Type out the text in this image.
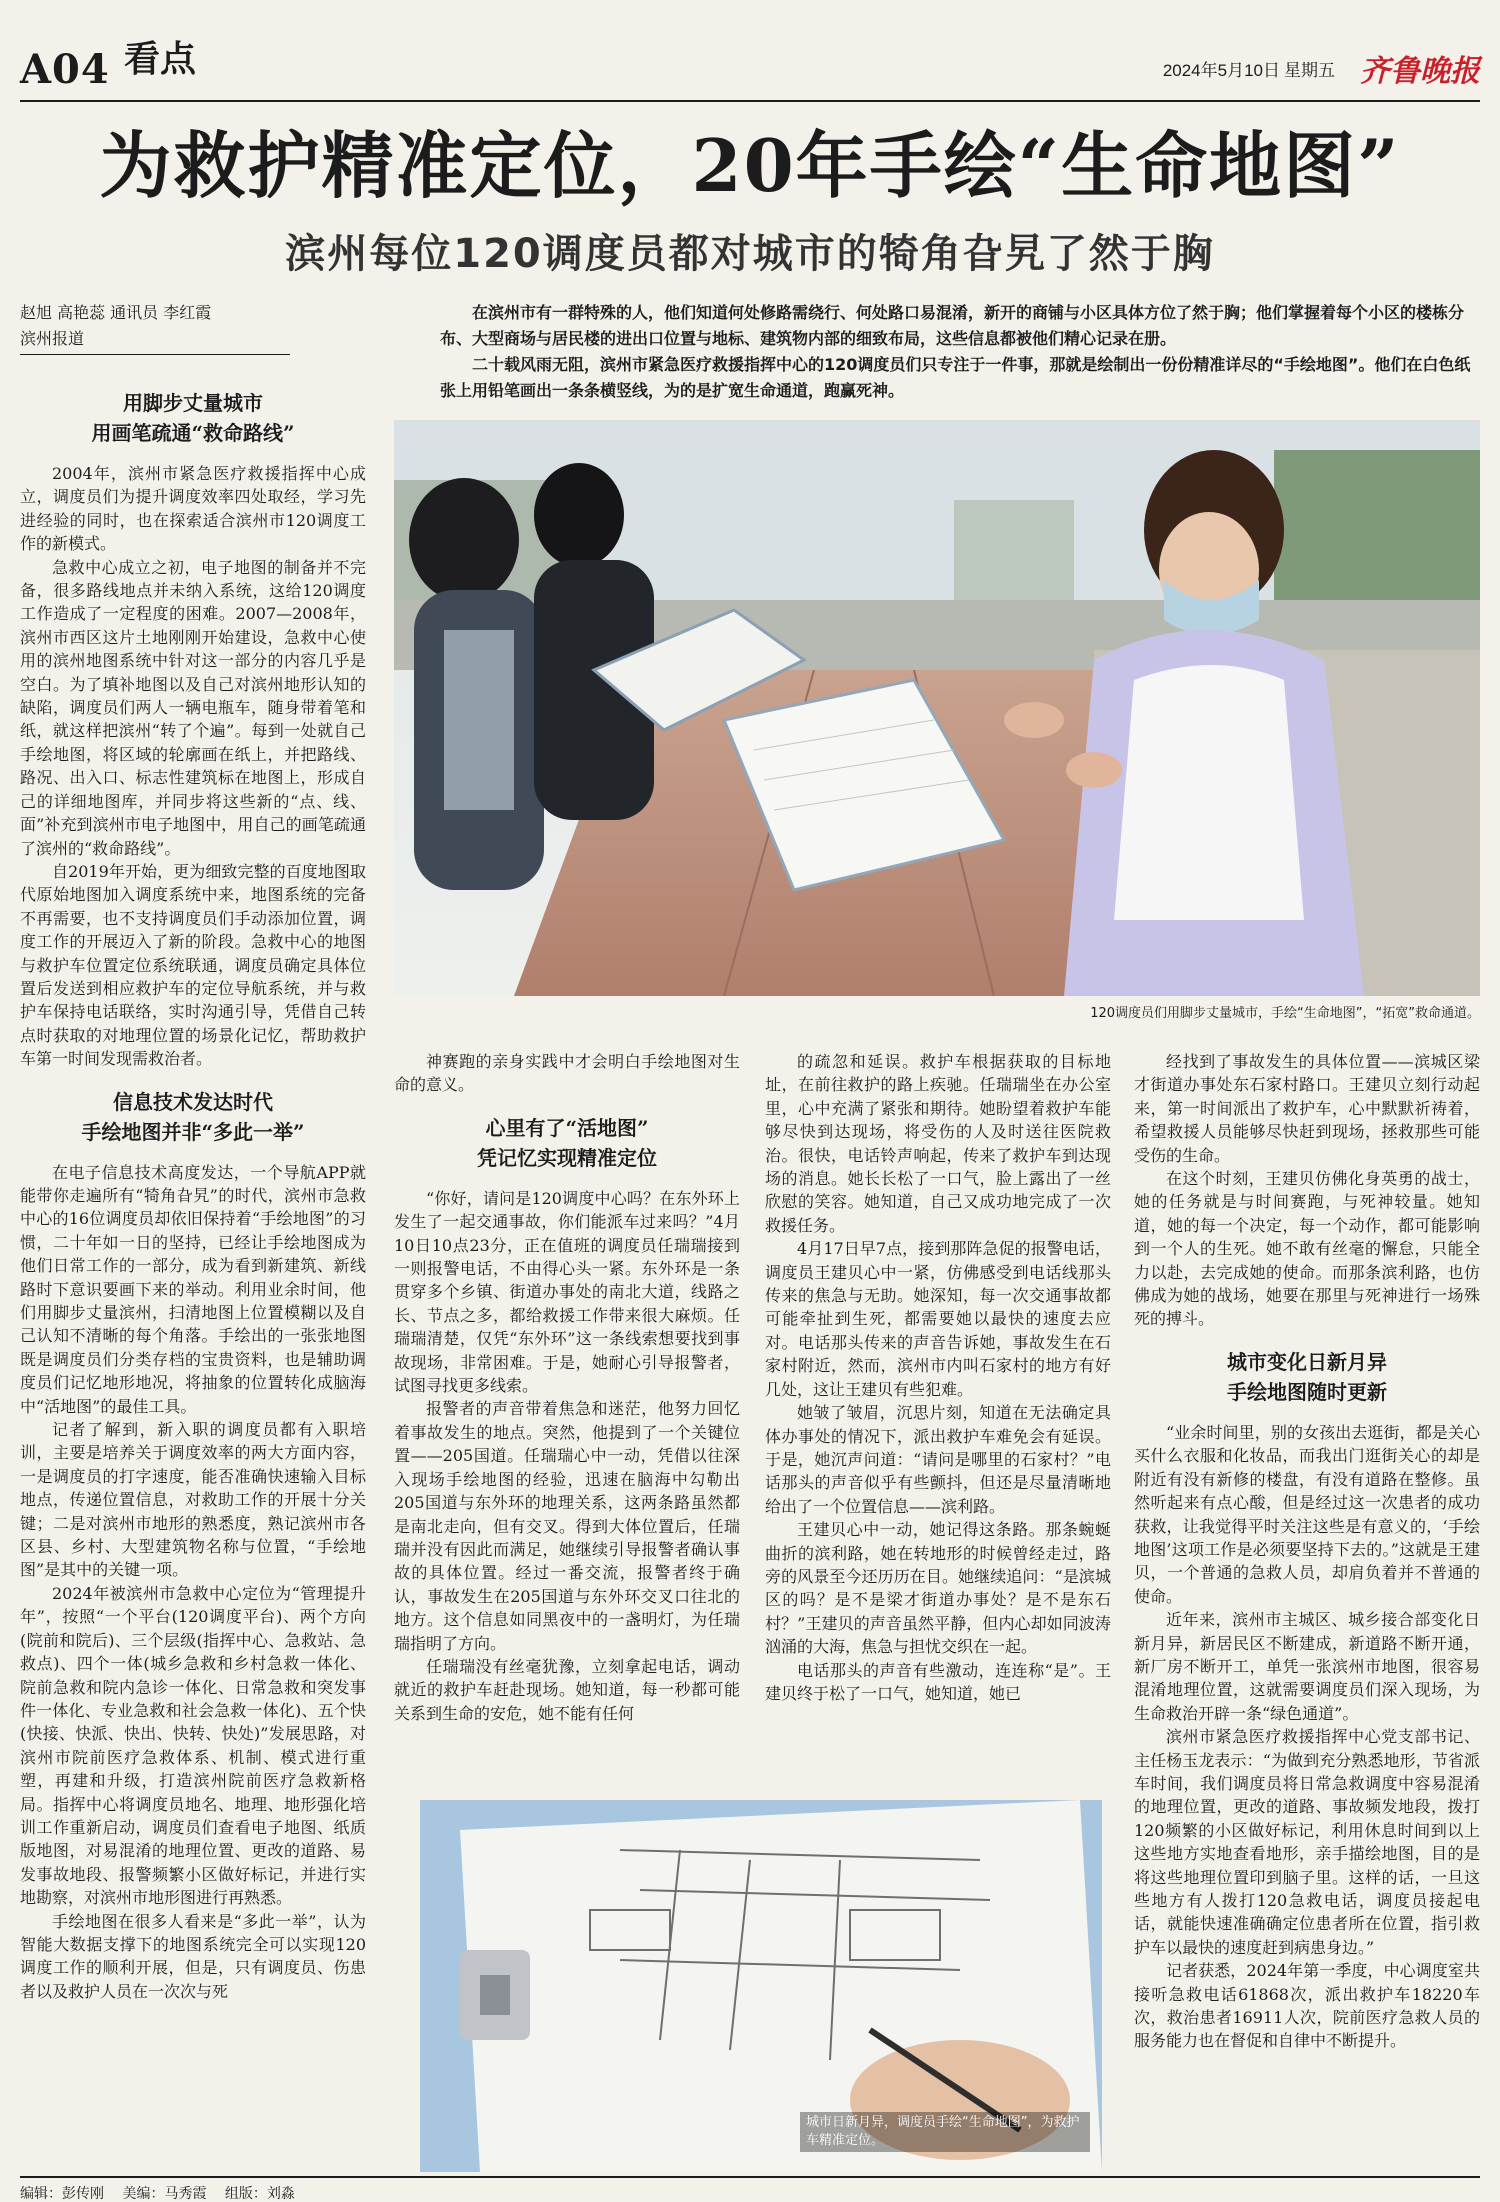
A04 看点	2024年5月10日 星期五 齐鲁晚报
为救护精准定位，20年手绘“生命地图”
滨州每位120调度员都对城市的犄角旮旯了然于胸
赵旭 高艳蕊 通讯员 李红霞
滨州报道

在滨州市有一群特殊的人，他们知道何处修路需绕行、何处路口易混淆，新开的商铺与小区具体方位了然于胸；他们掌握着每个小区的楼栋分布、大型商场与居民楼的进出口位置与地标、建筑物内部的细致布局，这些信息都被他们精心记录在册。

二十载风雨无阻，滨州市紧急医疗救援指挥中心的120调度员们只专注于一件事，那就是绘制出一份份精准详尽的“手绘地图”。他们在白色纸张上用铅笔画出一条条横竖线，为的是扩宽生命通道，跑赢死神。

120调度员们用脚步丈量城市，手绘“生命地图”，“拓宽”救命通道。
用脚步丈量城市
用画笔疏通“救命路线”

2004年，滨州市紧急医疗救援指挥中心成立，调度员们为提升调度效率四处取经，学习先进经验的同时，也在探索适合滨州市120调度工作的新模式。

急救中心成立之初，电子地图的制备并不完备，很多路线地点并未纳入系统，这给120调度工作造成了一定程度的困难。2007—2008年，滨州市西区这片土地刚刚开始建设，急救中心使用的滨州地图系统中针对这一部分的内容几乎是空白。为了填补地图以及自己对滨州地形认知的缺陷，调度员们两人一辆电瓶车，随身带着笔和纸，就这样把滨州“转了个遍”。每到一处就自己手绘地图，将区域的轮廓画在纸上，并把路线、路况、出入口、标志性建筑标在地图上，形成自己的详细地图库，并同步将这些新的“点、线、面”补充到滨州市电子地图中，用自己的画笔疏通了滨州的“救命路线”。

自2019年开始，更为细致完整的百度地图取代原始地图加入调度系统中来，地图系统的完备不再需要，也不支持调度员们手动添加位置，调度工作的开展迈入了新的阶段。急救中心的地图与救护车位置定位系统联通，调度员确定具体位置后发送到相应救护车的定位导航系统，并与救护车保持电话联络，实时沟通引导，凭借自己转点时获取的对地理位置的场景化记忆，帮助救护车第一时间发现需救治者。

信息技术发达时代
手绘地图并非“多此一举”

在电子信息技术高度发达，一个导航APP就能带你走遍所有“犄角旮旯”的时代，滨州市急救中心的16位调度员却依旧保持着“手绘地图”的习惯，二十年如一日的坚持，已经让手绘地图成为他们日常工作的一部分，成为看到新建筑、新线路时下意识要画下来的举动。利用业余时间，他们用脚步丈量滨州，扫清地图上位置模糊以及自己认知不清晰的每个角落。手绘出的一张张地图既是调度员们分类存档的宝贵资料，也是辅助调度员们记忆地形地况，将抽象的位置转化成脑海中“活地图”的最佳工具。

记者了解到，新入职的调度员都有入职培训，主要是培养关于调度效率的两大方面内容，一是调度员的打字速度，能否准确快速输入目标地点，传递位置信息，对救助工作的开展十分关键；二是对滨州市地形的熟悉度，熟记滨州市各区县、乡村、大型建筑物名称与位置，“手绘地图”是其中的关键一项。

2024年被滨州市急救中心定位为“管理提升年”，按照“一个平台(120调度平台)、两个方向(院前和院后)、三个层级(指挥中心、急救站、急救点)、四个一体(城乡急救和乡村急救一体化、院前急救和院内急诊一体化、日常急救和突发事件一体化、专业急救和社会急救一体化)、五个快(快接、快派、快出、快转、快处)”发展思路，对滨州市院前医疗急救体系、机制、模式进行重塑，再建和升级，打造滨州院前医疗急救新格局。指挥中心将调度员地名、地理、地形强化培训工作重新启动，调度员们查看电子地图、纸质版地图，对易混淆的地理位置、更改的道路、易发事故地段、报警频繁小区做好标记，并进行实地勘察，对滨州市地形图进行再熟悉。

手绘地图在很多人看来是“多此一举”，认为智能大数据支撑下的地图系统完全可以实现120调度工作的顺利开展，但是，只有调度员、伤患者以及救护人员在一次次与死

神赛跑的亲身实践中才会明白手绘地图对生命的意义。

心里有了“活地图”
凭记忆实现精准定位

“你好，请问是120调度中心吗？在东外环上发生了一起交通事故，你们能派车过来吗？”4月10日10点23分，正在值班的调度员任瑞瑞接到一则报警电话，不由得心头一紧。东外环是一条贯穿多个乡镇、街道办事处的南北大道，线路之长、节点之多，都给救援工作带来很大麻烦。任瑞瑞清楚，仅凭“东外环”这一条线索想要找到事故现场，非常困难。于是，她耐心引导报警者，试图寻找更多线索。

报警者的声音带着焦急和迷茫，他努力回忆着事故发生的地点。突然，他提到了一个关键位置——205国道。任瑞瑞心中一动，凭借以往深入现场手绘地图的经验，迅速在脑海中勾勒出205国道与东外环的地理关系，这两条路虽然都是南北走向，但有交叉。得到大体位置后，任瑞瑞并没有因此而满足，她继续引导报警者确认事故的具体位置。经过一番交流，报警者终于确认，事故发生在205国道与东外环交叉口往北的地方。这个信息如同黑夜中的一盏明灯，为任瑞瑞指明了方向。

任瑞瑞没有丝毫犹豫，立刻拿起电话，调动就近的救护车赶赴现场。她知道，每一秒都可能关系到生命的安危，她不能有任何

的疏忽和延误。救护车根据获取的目标地址，在前往救护的路上疾驰。任瑞瑞坐在办公室里，心中充满了紧张和期待。她盼望着救护车能够尽快到达现场，将受伤的人及时送往医院救治。很快，电话铃声响起，传来了救护车到达现场的消息。她长长松了一口气，脸上露出了一丝欣慰的笑容。她知道，自己又成功地完成了一次救援任务。

4月17日早7点，接到那阵急促的报警电话，调度员王建贝心中一紧，仿佛感受到电话线那头传来的焦急与无助。她深知，每一次交通事故都可能牵扯到生死，都需要她以最快的速度去应对。电话那头传来的声音告诉她，事故发生在石家村附近，然而，滨州市内叫石家村的地方有好几处，这让王建贝有些犯难。

她皱了皱眉，沉思片刻，知道在无法确定具体办事处的情况下，派出救护车难免会有延误。于是，她沉声问道：“请问是哪里的石家村？”电话那头的声音似乎有些颤抖，但还是尽量清晰地给出了一个位置信息——滨利路。

王建贝心中一动，她记得这条路。那条蜿蜒曲折的滨利路，她在转地形的时候曾经走过，路旁的风景至今还历历在目。她继续追问：“是滨城区的吗？是不是梁才街道办事处？是不是东石村？”王建贝的声音虽然平静，但内心却如同波涛汹涌的大海，焦急与担忧交织在一起。

电话那头的声音有些激动，连连称“是”。王建贝终于松了一口气，她知道，她已

经找到了事故发生的具体位置——滨城区梁才街道办事处东石家村路口。王建贝立刻行动起来，第一时间派出了救护车，心中默默祈祷着，希望救援人员能够尽快赶到现场，拯救那些可能受伤的生命。

在这个时刻，王建贝仿佛化身英勇的战士，她的任务就是与时间赛跑，与死神较量。她知道，她的每一个决定，每一个动作，都可能影响到一个人的生死。她不敢有丝毫的懈怠，只能全力以赴，去完成她的使命。而那条滨利路，也仿佛成为她的战场，她要在那里与死神进行一场殊死的搏斗。

城市变化日新月异
手绘地图随时更新

“业余时间里，别的女孩出去逛街，都是关心买什么衣服和化妆品，而我出门逛街关心的却是附近有没有新修的楼盘，有没有道路在整修。虽然听起来有点心酸，但是经过这一次患者的成功获救，让我觉得平时关注这些是有意义的，‘手绘地图’这项工作是必须要坚持下去的。”这就是王建贝，一个普通的急救人员，却肩负着并不普通的使命。

近年来，滨州市主城区、城乡接合部变化日新月异，新居民区不断建成，新道路不断开通，新厂房不断开工，单凭一张滨州市地图，很容易混淆地理位置，这就需要调度员们深入现场，为生命救治开辟一条“绿色通道”。

滨州市紧急医疗救援指挥中心党支部书记、主任杨玉龙表示：“为做到充分熟悉地形，节省派车时间，我们调度员将日常急救调度中容易混淆的地理位置，更改的道路、事故频发地段，拨打120频繁的小区做好标记，利用休息时间到以上这些地方实地查看地形，亲手描绘地图，目的是将这些地理位置印到脑子里。这样的话，一旦这些地方有人拨打120急救电话，调度员接起电话，就能快速准确确定位患者所在位置，指引救护车以最快的速度赶到病患身边。”

记者获悉，2024年第一季度，中心调度室共接听急救电话61868次，派出救护车18220车次，救治患者16911人次，院前医疗急救人员的服务能力也在督促和自律中不断提升。

城市日新月异，调度员手绘“生命地图”，为救护车精准定位。
编辑：彭传刚 美编：马秀霞 组版：刘淼
